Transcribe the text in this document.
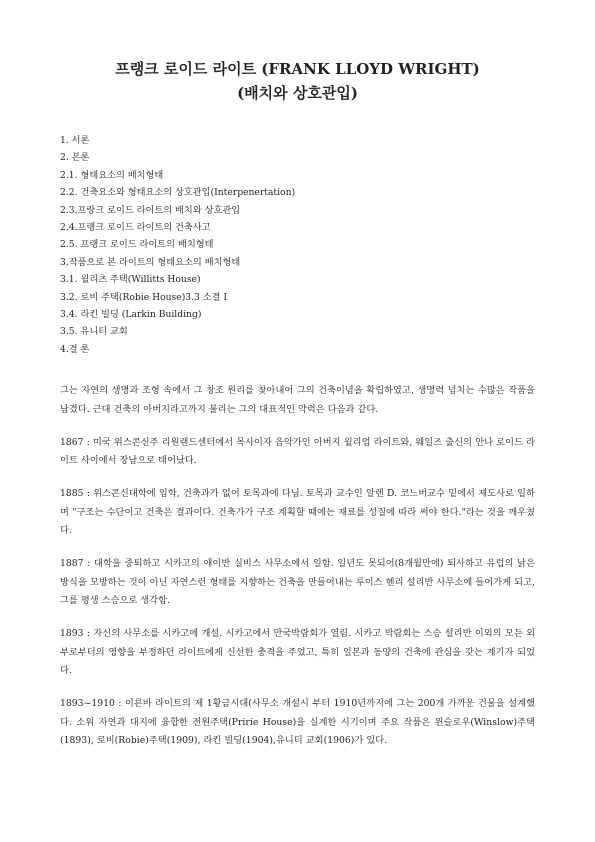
프랭크 로이드 라이트 (FRANK LLOYD WRIGHT)
(배치와 상호관입)
1. 서론
2. 본론
2.1. 형태요소의 배치형태
2.2. 건축요소와 형태요소의 상호관입(Interpenertation)
2.3.프랑크 로이드 라이트의 배치와 상호관입
2.4.프랭크 로이드 라이트의 건축사고
2.5. 프랭크 로이드 라이트의 배치형태
3.작품으로 본 라이트의 형태요소의 배치형태
3.1. 윌리츠 주택(Willitts House)
3.2. 로비 주택(Robie House)3.3 소결 I
3.4. 라킨 빌딩 (Larkin Building)
3.5. 유니티 교회
4.결 론

그는 자연의 생명과 조형 속에서 그 창조 원리를 찾아내어 그의 건축이념을 확립하였고, 생명력 넘치는 수많은 작품을 남겼다. 근대 건축의 아버지라고까지 불리는 그의 대표적인 약력은 다음과 같다.

1867 : 미국 위스콘신주 리원랜드센터에서 목사이자 음악가인 아버지 윌리엄 라이트와, 웨일즈 출신의 안나 로이드 라이트 사이에서 장남으로 태어났다.

1885 : 위스콘신대학에 입학, 건축과가 없어 토목과에 다님. 토목과 교수인 알렌 D. 코느버교수 밑에서 제도사로 일하며 "구조는 수단이고 건축은 결과이다. 건축가가 구조 계획할 때에는 재료를 성질에 따라 써야 한다."라는 것을 깨우쳤다.

1887 : 대학을 중퇴하고 시카고의 애이반 실비스 사무소에서 일함. 일년도 못되어(8개월만에) 퇴사하고 유럽의 낡은 방식을 모방하는 것이 아닌 자연스런 형태를 지향하는 건축을 만들어내는 루이스 헨리 설리반 사무소에 들어가게 되고, 그를 평생 스승으로 생각함.

1893 : 자신의 사무소를 시카고에 개설. 시카고에서 만국박람회가 열림. 시카고 박람회는 스승 설리반 이외의 모든 외부로부터의 영향을 부정하던 라이트에게 신선한 충격을 주었고, 특히 일본과 동양의 건축에 관심을 갖는 계기가 되었다.

1893~1910 : 이른바 라이트의 제 1황금시대(사무소 개설시 부터 1910년까지에 그는 200개 가까운 건물을 설계했다. 소위 자연과 대지에 융합한 전원주택(Pririe House)을 실계한 시기이며 주요 작품은 윈슬로우(Winslow)주택(1893), 로비(Robie)주택(1909), 라킨 빌딩(1904),유니티 교회(1906)가 있다.
